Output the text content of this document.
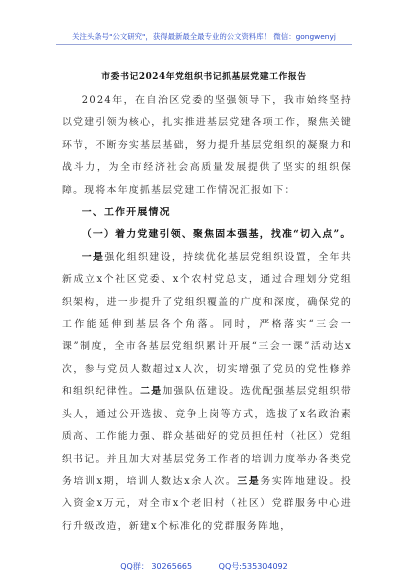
关注头条号"公文研究"，获得最新最全最专业的公文资料库！ 微信：gongwenyj
市委书记2024年党组织书记抓基层党建工作报告

2024年，在自治区党委的坚强领导下，我市始终坚持以党建引领为核心，扎实推进基层党建各项工作，聚焦关键环节，不断夯实基层基础，努力提升基层党组织的凝聚力和战斗力，为全市经济社会高质量发展提供了坚实的组织保障。现将本年度抓基层党建工作情况汇报如下：

一、工作开展情况

（一）着力党建引领、聚焦固本强基，找准“切入点”。

一是强化组织建设，持续优化基层党组织设置，全年共新成立x个社区党委、x个农村党总支，通过合理划分党组织架构，进一步提升了党组织覆盖的广度和深度，确保党的工作能延伸到基层各个角落。同时，严格落实“三会一课”制度，全市各基层党组织累计开展“三会一课”活动达x次，参与党员人数超过x人次，切实增强了党员的党性修养和组织纪律性。二是加强队伍建设。选优配强基层党组织带头人，通过公开选拔、竞争上岗等方式，选拔了x名政治素质高、工作能力强、群众基础好的党员担任村（社区）党组织书记。并且加大对基层党务工作者的培训力度举办各类党务培训x期，培训人数达x余人次。三是务实阵地建设。投入资金x万元，对全市x个老旧村（社区）党群服务中心进行升级改造，新建x个标准化的党群服务阵地，

QQ群： 30265665	QQ号:535304092
